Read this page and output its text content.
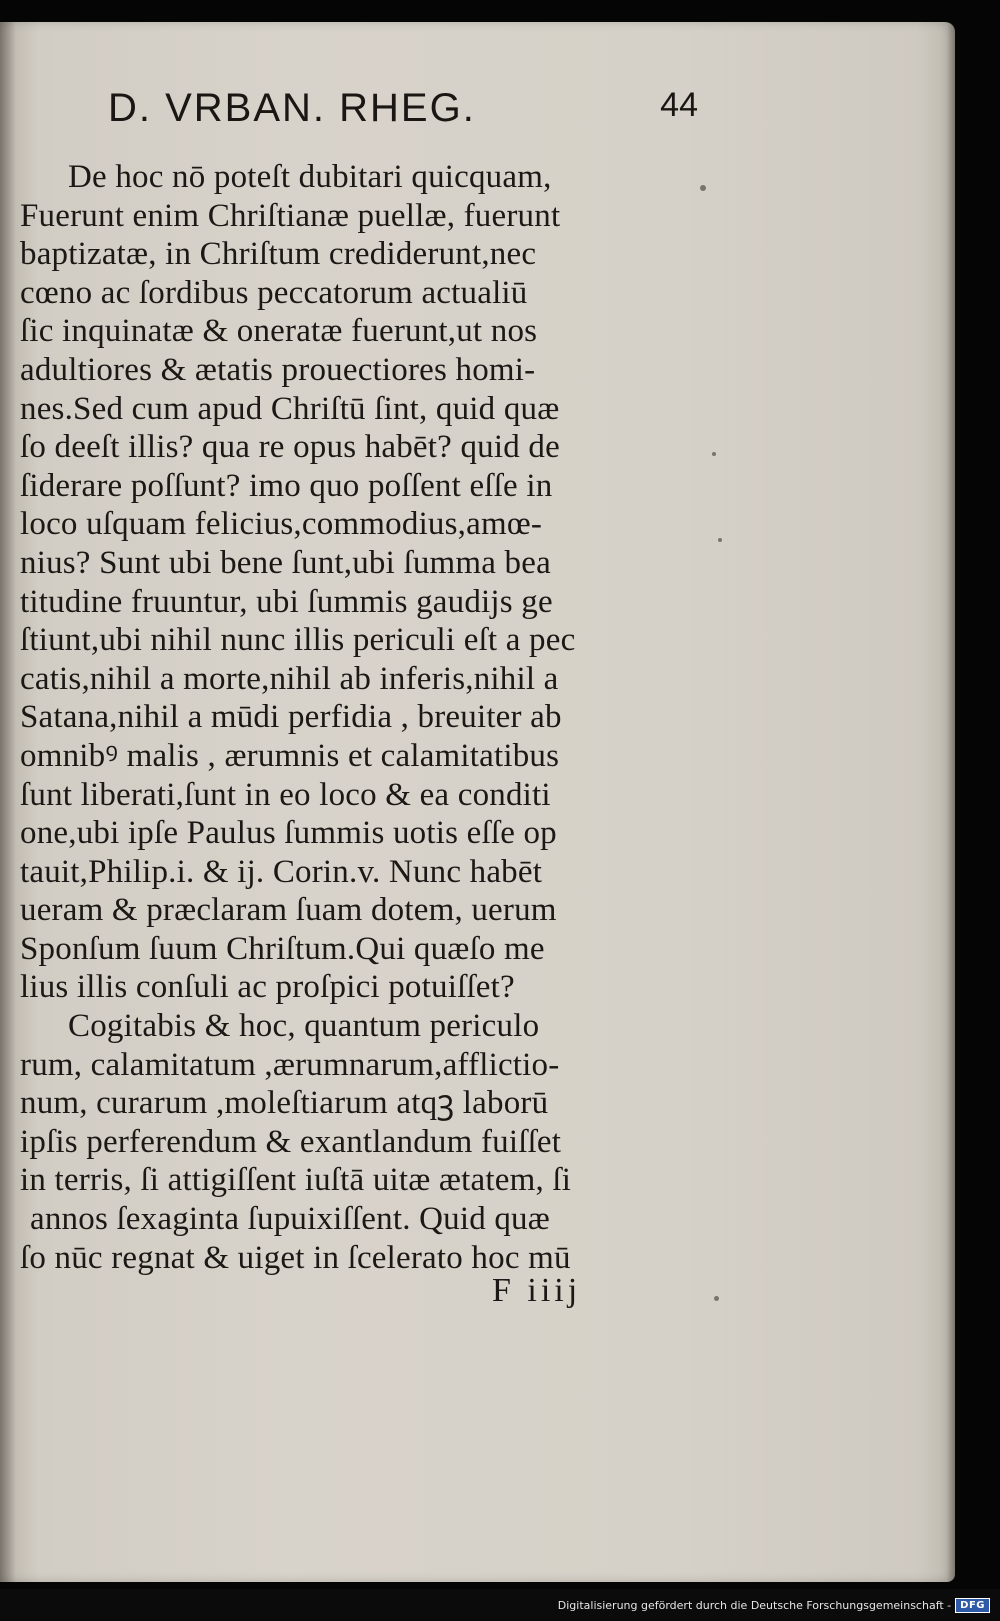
D. VRBAN. RHEG.	44
De hoc nō poteſt dubitari quicquam,
Fuerunt enim Chriſtianæ puellæ, fuerunt
baptizatæ, in Chriſtum crediderunt,nec
cœno ac ſordibus peccatorum actualiū
ſic inquinatæ & oneratæ fuerunt,ut nos
adultiores & ætatis prouectiores homi-
nes.Sed cum apud Chriſtū ſint, quid quæ
ſo deeſt illis? qua re opus habēt? quid de
ſiderare poſſunt? imo quo poſſent eſſe in
loco uſquam felicius,commodius,amœ-
nius? Sunt ubi bene ſunt,ubi ſumma bea
titudine fruuntur, ubi ſummis gaudijs ge
ſtiunt,ubi nihil nunc illis periculi eſt a pec
catis,nihil a morte,nihil ab inferis,nihil a
Satana,nihil a mūdi perfidia , breuiter ab
omnibꝰ malis , ærumnis et calamitatibus
ſunt liberati,ſunt in eo loco & ea conditi
one,ubi ipſe Paulus ſummis uotis eſſe op
tauit,Philip.i. & ij. Corin.v. Nunc habēt
ueram & præclaram ſuam dotem, uerum
Sponſum ſuum Chriſtum.Qui quæſo me
lius illis conſuli ac proſpici potuiſſet?
Cogitabis & hoc, quantum periculo
rum, calamitatum ,ærumnarum,afflictio-
num, curarum ,moleſtiarum atqꝫ laborū
ipſis perferendum & exantlandum fuiſſet
in terris, ſi attigiſſent iuſtā uitæ ætatem, ſi
annos ſexaginta ſupuixiſſent. Quid quæ
ſo nūc regnat & uiget in ſcelerato hoc mū
F iiij
Digitalisierung gefördert durch die Deutsche Forschungsgemeinschaft - DFG
